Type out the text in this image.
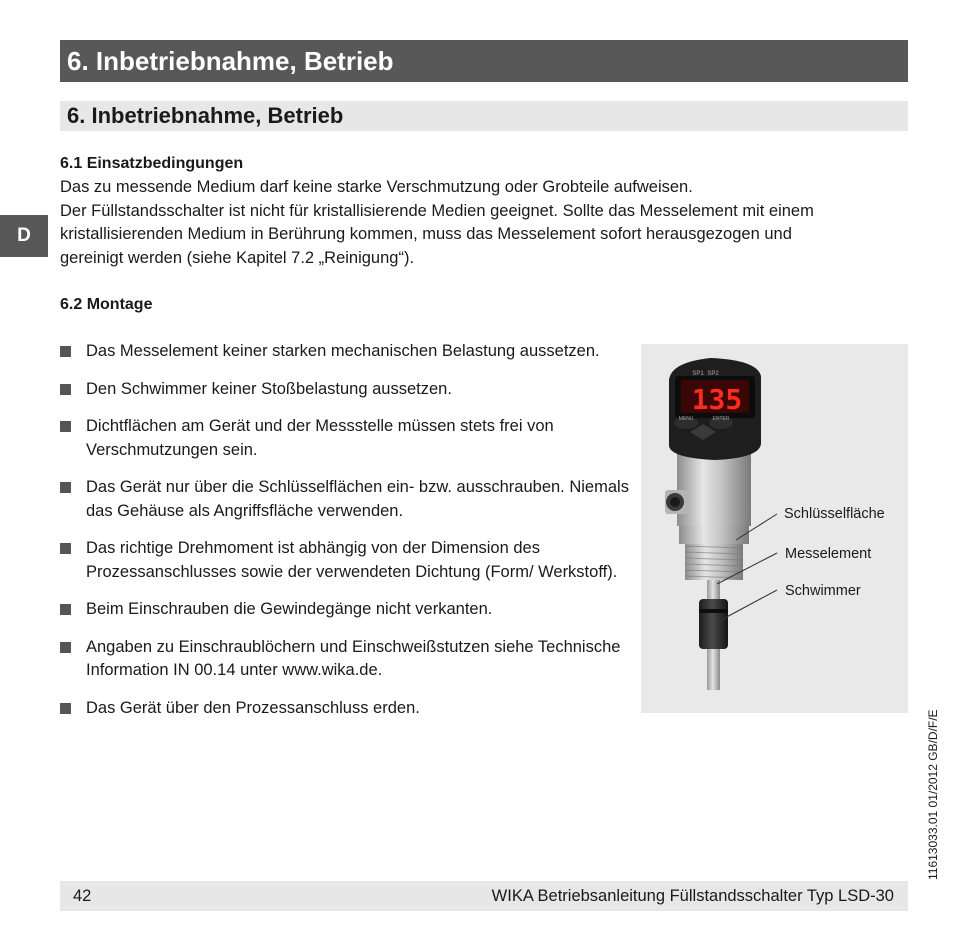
6. Inbetriebnahme, Betrieb
6. Inbetriebnahme, Betrieb
D
6.1 Einsatzbedingungen

Das zu messende Medium darf keine starke Verschmutzung oder Grobteile aufweisen.

Der Füllstandsschalter ist nicht für kristallisierende Medien geeignet. Sollte das Messelement mit einem

kristallisierenden Medium in Berührung kommen, muss das Messelement sofort herausgezogen und

gereinigt werden (siehe Kapitel 7.2 „Reinigung“).

6.2 Montage
Das Messelement keiner starken mechanischen Belastung aussetzen.
Den Schwimmer keiner Stoßbelastung aussetzen.
Dichtflächen am Gerät und der Messstelle müssen stets frei von Verschmutzungen sein.
Das Gerät nur über die Schlüsselflächen ein- bzw. ausschrauben. Niemals das Gehäuse als Angriffsfläche verwenden.
Das richtige Drehmoment ist abhängig von der Dimension des Prozessanschlusses sowie der verwendeten Dichtung (Form/ Werkstoff).
Beim Einschrauben die Gewindegänge nicht verkanten.
Angaben zu Einschraublöchern und Einschweißstutzen siehe Technische Information IN 00.14 unter www.wika.de.
Das Gerät über den Prozessanschluss erden.
135
SP1 SP2
MENU	ENTER
Schlüsselfläche
Messelement
Schwimmer
11613033.01 01/2012 GB/D/F/E
42	WIKA Betriebsanleitung Füllstandsschalter Typ LSD-30
